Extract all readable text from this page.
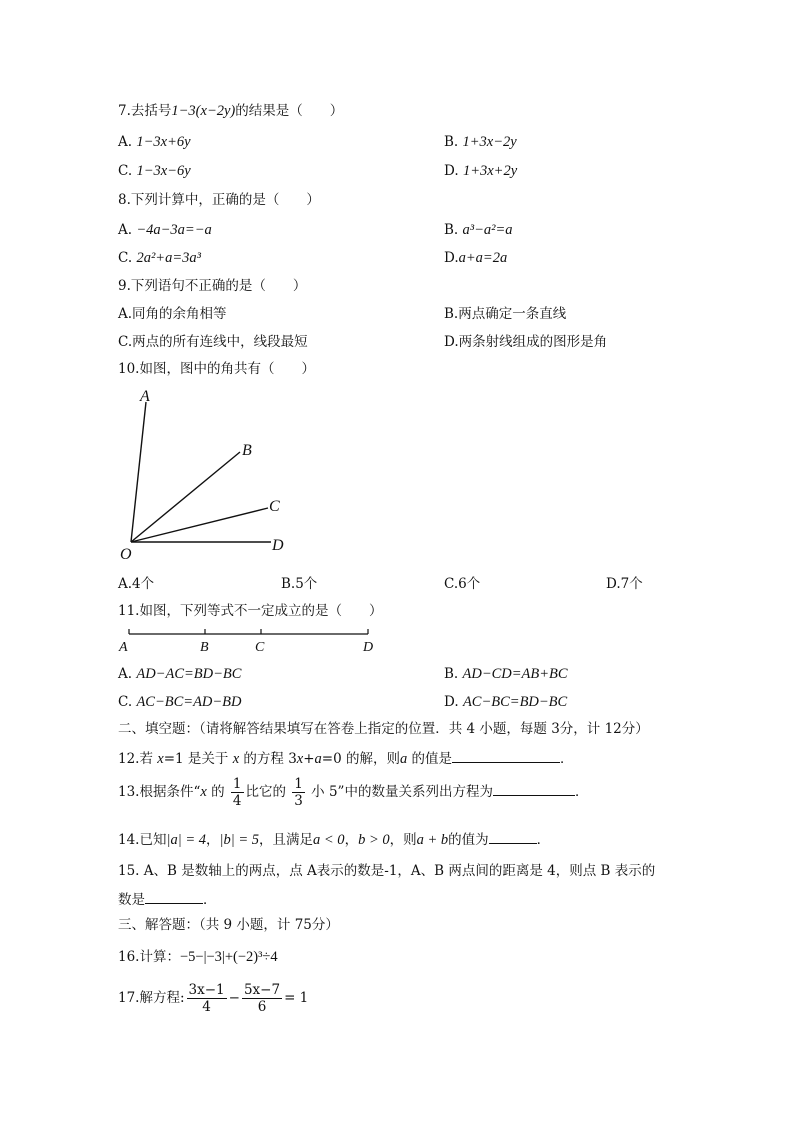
7.去括号1−3(x−2y)的结果是（　　）
A. 1−3x+6y	B. 1+3x−2y
C. 1−3x−6y	D. 1+3x+2y
8.下列计算中，正确的是（　　）
A. −4a−3a=−a	B. a³−a²=a
C. 2a²+a=3a³	D.a+a=2a
9.下列语句不正确的是（　　）
A.同角的余角相等	B.两点确定一条直线
C.两点的所有连线中，线段最短	D.两条射线组成的图形是角
10.如图，图中的角共有（　　）
A
B
C
O
D
A.4个	B.5个	C.6个	D.7个
11.如图，下列等式不一定成立的是（　　）
A	B	C	D
A. AD−AC=BD−BC	B. AD−CD=AB+BC
C. AC−BC=AD−BD	D. AC−BC=BD−BC
二、填空题：（请将解答结果填写在答卷上指定的位置．共 4 小题，每题 3分，计 12分）
12.若 x=1 是关于 x 的方程 3x+a=0 的解，则a 的值是	．
13.根据条件“x 的 $\frac{1}{4}$ 比它的 $\frac{1}{3}$ 小 5”中的数量关系列出方程为	．
14.已知|a| = 4，|b| = 5，且满足a < 0，b > 0，则a + b的值为	．
15. A、B 是数轴上的两点，点 A表示的数是-1，A、B 两点间的距离是 4，则点 B 表示的
数是	．
三、解答题：（共 9 小题，计 75分）
16.计算：−5−|−3|+(−2)³÷4
17.解方程: $\frac{3x-1}{4} - \frac{5x-7}{6} = 1$
